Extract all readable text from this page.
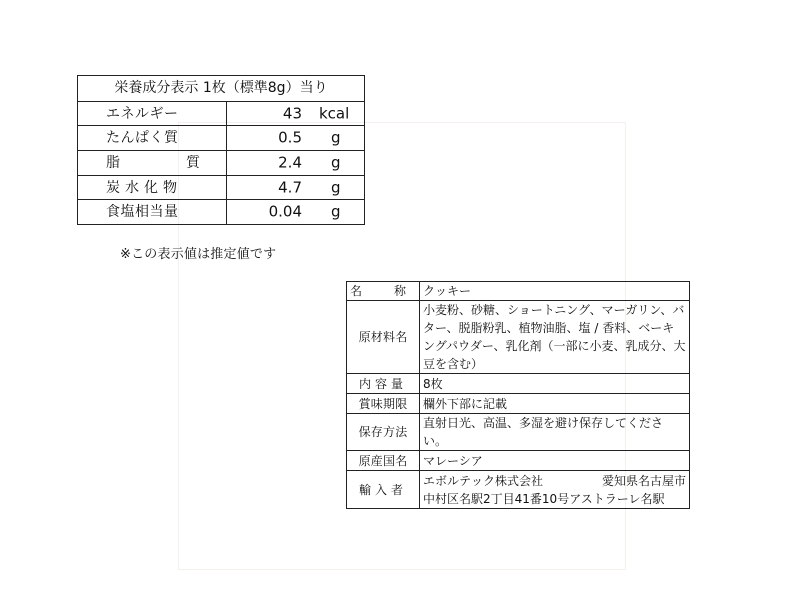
栄養成分表示 1枚（標準8g）当り	
エネルギー	43 kcal

たんぱく質	0.5 g

脂　質	2.4 g

炭水化物	4.7 g

食塩相当量	0.04 g
※この表示値は推定値です
名　称	クッキー
原材料名	小麦粉、砂糖、ショートニング、マーガリン、バター、脱脂粉乳、植物油脂、塩 / 香料、ベーキングパウダー、乳化剤（一部に小麦、乳成分、大豆を含む）
内容量	8枚
賞味期限	欄外下部に記載
保存方法	直射日光、高温、多湿を避け保存してください。
原産国名	マレーシア
輸入者	エボルテック株式会社 愛知県名古屋市
中村区名駅2丁目41番10号アストラーレ名駅
